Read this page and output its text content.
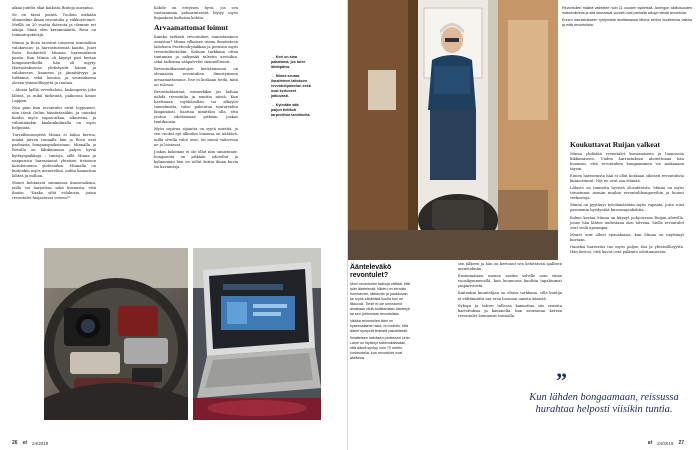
aikaa juteltu ekat kaikista Rintoja aurantsa.

Se on tässä pientä. Tuohön mekään olinnealme ilman revontulia y, viikkoyteimet. Meillä on 20 vuotta ikäerota ja olemme eri aikoja. Minä olen keramnääntä, Rova on toimintoystäväjä.

Minna ja Rova tunsivat toiseena runomilien valokuvaus- ja harrastustensä kautta. Juuri Rova houkutteli Minnan harrastuksen pariin. Kun Minna oli käynyt pari kertaa bongausretkellä, hän oli myyty. Harrastuksensa yhdistyivät hänen ja valokuvaus, kauneus ja jännittävyys ja tutkimus, sekä luontoa ja seurauksena olevaa yhteisöllisyyttä ja rauhaa.

– Alusta kylliä erverkolain, kiskonperin joko lähteä, ja mikä tärkeintä, paikoissa kauas Lappiin.

Niin pian kun revontulet eivät loppuneet, niin tässä Oulun hämärässäkin, ja onneksi kuului myös vapaa-aikaa, aikuisena, ja vähintäänkin kaakonkulmalla on myös helpointa.

Turvallisuussyistä Minna ei halua kertoa, minkä järven rannalla hän ja Rova ovat parhaista bongauspaikoistaan. Minnalla ja Rovalla on lähikunnissa paljon hyviä kyttäyspaikkoja – tuntoja, sillä Minna ja naapurista harrastanut yhteisen tietoisen koruhuomion yhdessäkin. Minnalla on kuitenkin myös menetelmä, mihin kannattaa lähteä ja milloin.

Monet kohtaavat suunnassa kuusenoksiin, joilla voi harjoittaa sekä kuvausta, että ilmiön. "Saako siltä valokuvia, joissa revontulet heijastuvat veteen?"

Kohde on erityisen hyvä, jos sen vastarannan paluurinteestä löytyy myös linjauksen kaltaisia kohtia.

Arvaamattomat loimut

Kuinka tarkasti revontulien ennustaminen onnistuu? Minna vilkaisee usean ilmatieteen laitoksen Facebook-paikkaa ja peräisin myös revontulitietoihin. Kokoaa tarkkana ottaa tuntumaa ja näkymää tuleviin arvioihin, sekä tarkistaa sääpalvelut säännöllisesti.

Revontulihavaintojen keräämisessä on olennaista revontulien ilmestymisen arvaamattomuus. Itse ei koskaan tiedä, mitä on tulossa.

Revontulitarinat, esimerkiksi jos haluaa nähdä revontulia ja nauttia niistä: Kun haettuaan myöhäisillan tai alkuyön tunnelmista, tulee pukeutua tuntureiden lämpimästi. Saattaa nimittäin olla, että joutuu odottamaan pitkään, joskus tuntikausia.

Myös sopivaa sijaintia on syytä miettiä, ja sen vuoksi nyt ulkoilun lomassa on nähtävä, millä sivulla valot ovat, tai missä vaiheessa ne jo loistavat.

Joskus kokemus ei ole ollut niin onnistunut: bongareita on pitkään odotellut ja kylmissään hän on tullut kotiin ilman kuvia tai havaintoja.

← Kori on aina pakattuna, jos tulee lähtöpäiva.

← Minna seuraa ilmatieteen laitoksen revontulipalvelun sekä ovat kertoneet jatkuvasti.

← Kylmään sää: paljon tiettävä tarpeellisia tarvikkeita.

26 et 24/2019

Revontulien määrä vaihtelee noin 11 vuoden sykleissä. Auringon aktiivisuuden maksimikohta ja sitä seuraavat vuodet ovat parhaita aikoja nähdä revontulia.

Ennen harrastukseen ryhtymistä aloittamassa Minna kertoo kuulleensa vaikka ja mitä revontulista.

Koukuttavat Ruijan valkeat

Minna yhdistää revontulet kuvaamiseen ja luonnossa liikkumiseen. Uuden harrastuksen aloitettuaan hän huomasi, että revontulien bongaaminen vie mukanaan täysin.

Ennen harrastusta hän ei ollut koskaan oikeasti revontulista kiinnostunut. Nyt ne ovat osa elämää.

Lähistö on tunnettu hyvistä olosuhteista. Minna on myös tutustunut moniin muihin revontulibongareihin ja luonut verkostoja.

Minna on pyytänyt työelämästään myös vapaata, jotta voisi paremmin hyödyntää kuvausajankohtia.

Kolme kertaa Minna on käynyt pohjoisessa Ruijan alueella, jonne hän lähtee uudestaan ensi talvena. Siellä revontulet ovat vielä upeampia.

Monet ovat olleet epäuskoisia, kun Minna on näyttänyt kuviaan.

Onneksi harrastus tuo myös paljon iloa ja yhteisöllisyyttä. Hän kertoo, että kuvat ovat palkinto odottamisesta.

Äänteleväkö revontulet?

Moni revontulien katsoja väittää, että tulet ääntelevät. Niiden on kerrottu humisevan, rätisevän ja paukkuvan tai myös sähköistä kuulla kun ne liikkuvat. Tiede ei ole onnistunut ainakaan vielä todistamaan ääntelyä tai sen johtumista revontulista.

Vaikka revontulien ääni on kyseenalainen asia, on todettu, että äänet syntyvät ilmiöstä paikallisesti.

Ilmatieteen laitoksen professori Unto Laine on löytänyt tutkimuksissaan, että ääntä syntyy noin 70 metrin korkeudella, kun revontulet ovat aktiivisia.

sen jälkeen ja hän on kertonut sen kehittävän ajallisen menetelmän.

Ensimmäinen asenne saatiin selville noin viime vuosikymmenellä, kun luonnossa kuultiin tapahtumat ympäristöstä.

Kuitenkin kuuntelijan on oltava tarkkana, sillä kuulija ei välttämättä saa eroa luonnon omista äänistä.

Syksyn ja talven tullessa kannattaa siis seurata kartoituksia ja kuunnella, kun seuraavan kerran revontulet loimuavat taivaalla.

”
Kun lähden bongaamaan, reissussa hurahtaa helposti viisikin tuntia.
et 24/2019 27
